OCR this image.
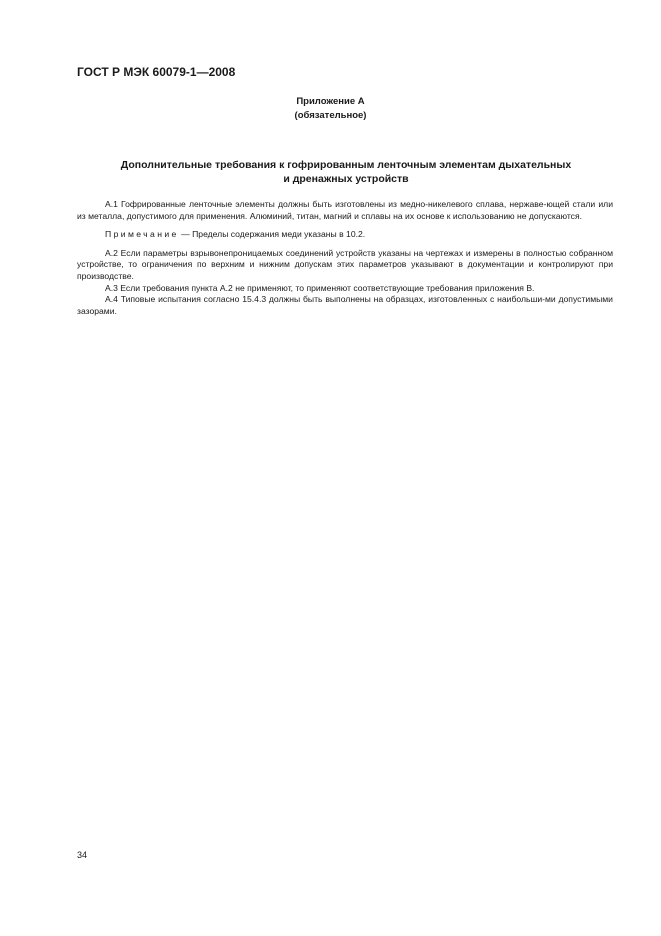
ГОСТ Р МЭК 60079-1—2008
Приложение А
(обязательное)
Дополнительные требования к гофрированным ленточным элементам дыхательных
и дренажных устройств

А.1 Гофрированные ленточные элементы должны быть изготовлены из медно-никелевого сплава, нержаве-ющей стали или из металла, допустимого для применения. Алюминий, титан, магний и сплавы на их основе к использованию не допускаются.

Примечание — Пределы содержания меди указаны в 10.2.

А.2 Если параметры взрывонепроницаемых соединений устройств указаны на чертежах и измерены в полностью собранном устройстве, то ограничения по верхним и нижним допускам этих параметров указывают в документации и контролируют при производстве.

А.3 Если требования пункта А.2 не применяют, то применяют соответствующие требования приложения В.

А.4 Типовые испытания согласно 15.4.3 должны быть выполнены на образцах, изготовленных с наибольши-ми допустимыми зазорами.

34
